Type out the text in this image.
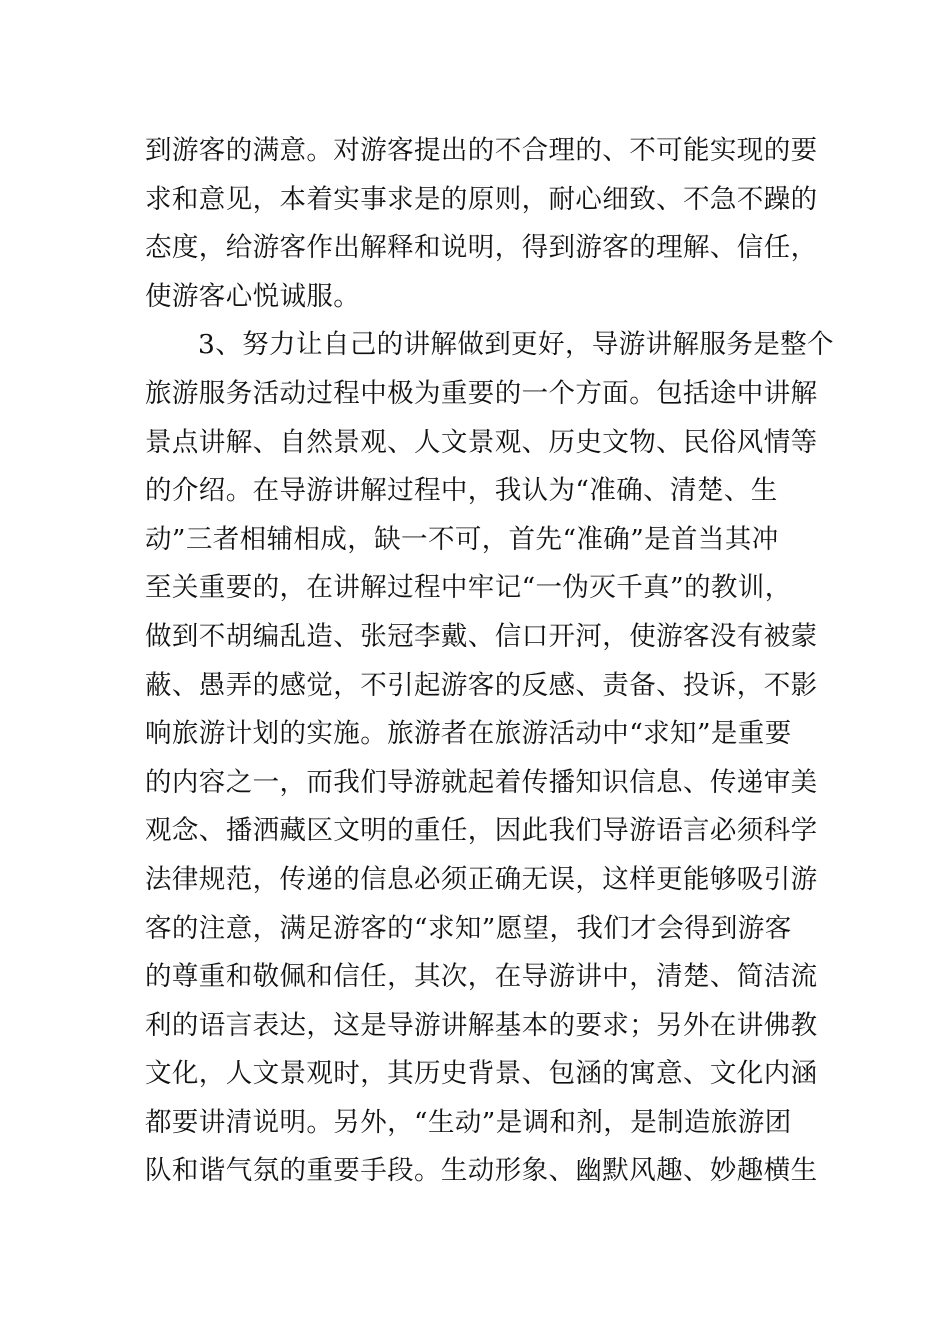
到游客的满意。对游客提出的不合理的、不可能实现的要
求和意见，本着实事求是的原则，耐心细致、不急不躁的
态度，给游客作出解释和说明，得到游客的理解、信任，
使游客心悦诚服。
3、努力让自己的讲解做到更好，导游讲解服务是整个
旅游服务活动过程中极为重要的一个方面。包括途中讲解
景点讲解、自然景观、人文景观、历史文物、民俗风情等
的介绍。在导游讲解过程中，我认为“准确、清楚、生
动”三者相辅相成，缺一不可，首先“准确”是首当其冲
至关重要的，在讲解过程中牢记“一伪灭千真”的教训，
做到不胡编乱造、张冠李戴、信口开河，使游客没有被蒙
蔽、愚弄的感觉，不引起游客的反感、责备、投诉，不影
响旅游计划的实施。旅游者在旅游活动中“求知”是重要
的内容之一，而我们导游就起着传播知识信息、传递审美
观念、播洒藏区文明的重任，因此我们导游语言必须科学
法律规范，传递的信息必须正确无误，这样更能够吸引游
客的注意，满足游客的“求知”愿望，我们才会得到游客
的尊重和敬佩和信任，其次，在导游讲中，清楚、简洁流
利的语言表达，这是导游讲解基本的要求；另外在讲佛教
文化，人文景观时，其历史背景、包涵的寓意、文化内涵
都要讲清说明。另外，“生动”是调和剂，是制造旅游团
队和谐气氛的重要手段。生动形象、幽默风趣、妙趣横生
